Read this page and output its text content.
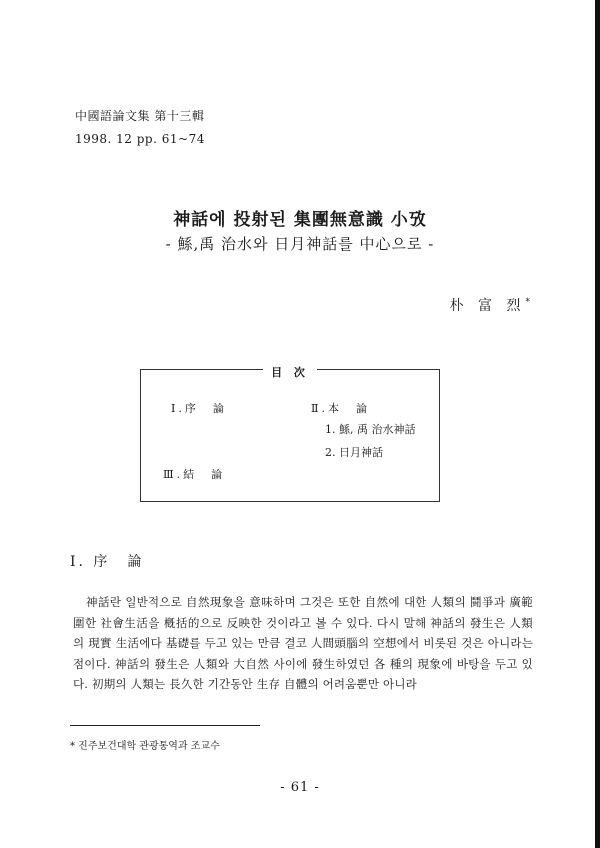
中國語論文集 第十三輯
1998. 12 pp. 61~74
神話에 投射된 集團無意識 小攷
- 鯀,禹 治水와 日月神話를 中心으로 -
朴 富 烈*
目 次
Ⅰ.序　論	Ⅱ.本　論
1. 鯀, 禹 治水神話
2. 日月神話
Ⅲ.結　論
Ⅰ. 序　論

神話란 일반적으로 自然現象을 意味하며 그것은 또한 自然에 대한 人類의 鬪爭과 廣範圍한 社會生活을 槪括的으로 反映한 것이라고 볼 수 있다. 다시 말해 神話의 發生은 人類의 現實 生活에다 基礎를 두고 있는 만큼 결코 人間頭腦의 空想에서 비롯된 것은 아니라는 점이다. 神話의 發生은 人類와 大自然 사이에 發生하였던 各 種의 現象에 바탕을 두고 있다. 初期의 人類는 長久한 기간동안 生存 自體의 어려움뿐만 아니라

* 진주보건대학 관광통역과 조교수
- 61 -
